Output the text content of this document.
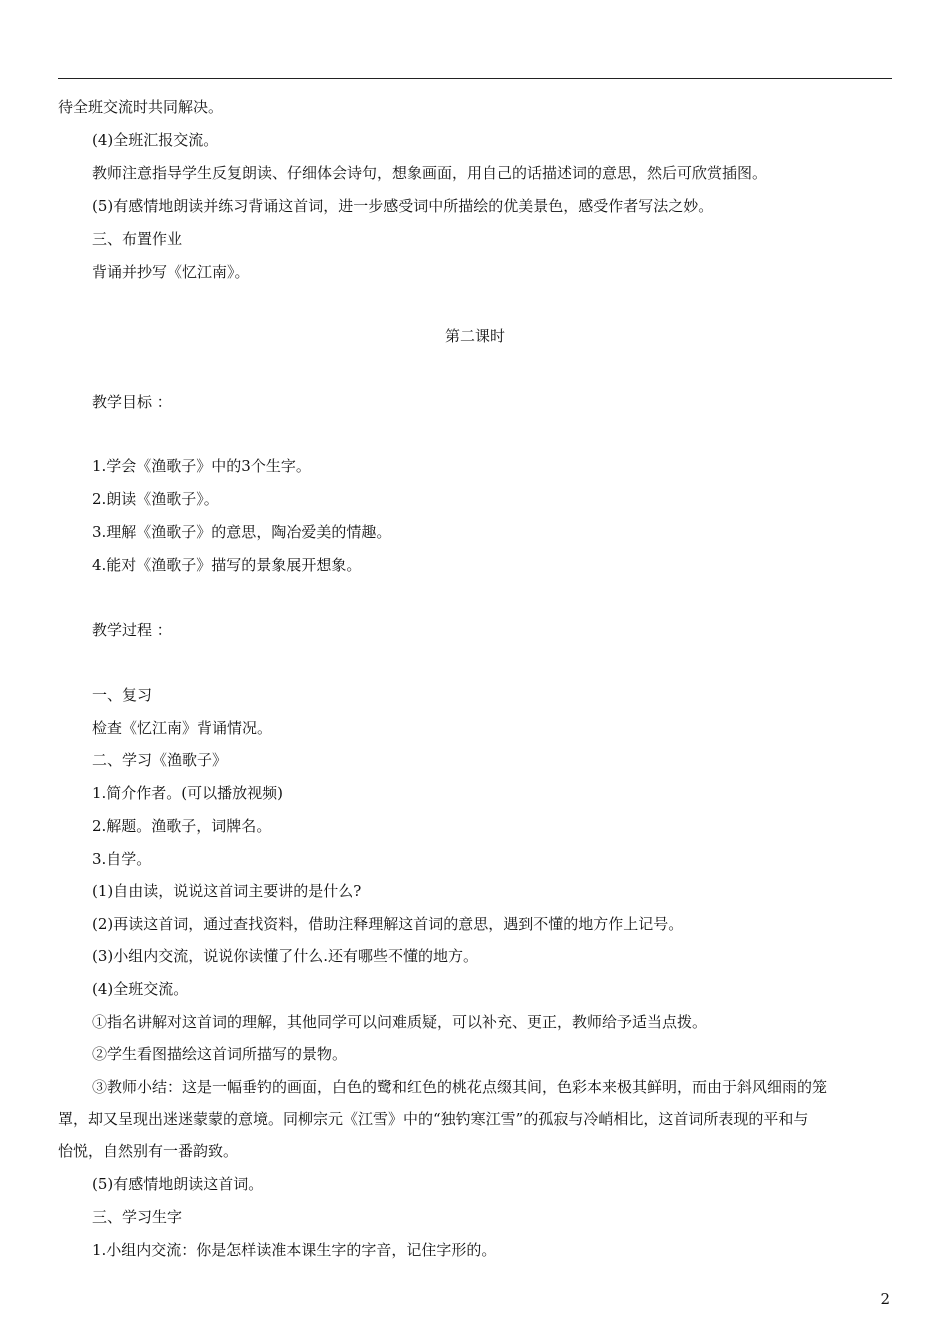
待全班交流时共同解决。
(4)全班汇报交流。
教师注意指导学生反复朗读、仔细体会诗句，想象画面，用自己的话描述词的意思，然后可欣赏插图。
(5)有感情地朗读并练习背诵这首词，进一步感受词中所描绘的优美景色，感受作者写法之妙。
三、布置作业
背诵并抄写《忆江南》。
第二课时
教学目标 ：
1.学会《渔歌子》中的3个生字。
2.朗读《渔歌子》。
3.理解《渔歌子》的意思，陶冶爱美的情趣。
4.能对《渔歌子》描写的景象展开想象。
教学过程 ：
一、复习
检查《忆江南》背诵情况。
二、学习《渔歌子》
1.简介作者。(可以播放视频)
2.解题。渔歌子，词牌名。
3.自学。
(1)自由读，说说这首词主要讲的是什么?
(2)再读这首词，通过查找资料，借助注释理解这首词的意思，遇到不懂的地方作上记号。
(3)小组内交流，说说你读懂了什么.还有哪些不懂的地方。
(4)全班交流。
①指名讲解对这首词的理解，其他同学可以问难质疑，可以补充、更正，教师给予适当点拨。
②学生看图描绘这首词所描写的景物。
③教师小结：这是一幅垂钓的画面，白色的鹭和红色的桃花点缀其间，色彩本来极其鲜明，而由于斜风细雨的笼
罩，却又呈现出迷迷蒙蒙的意境。同柳宗元《江雪》中的“独钓寒江雪”的孤寂与冷峭相比，这首词所表现的平和与
怡悦，自然别有一番韵致。
(5)有感情地朗读这首词。
三、学习生字
1.小组内交流：你是怎样读准本课生字的字音，记住字形的。
2
